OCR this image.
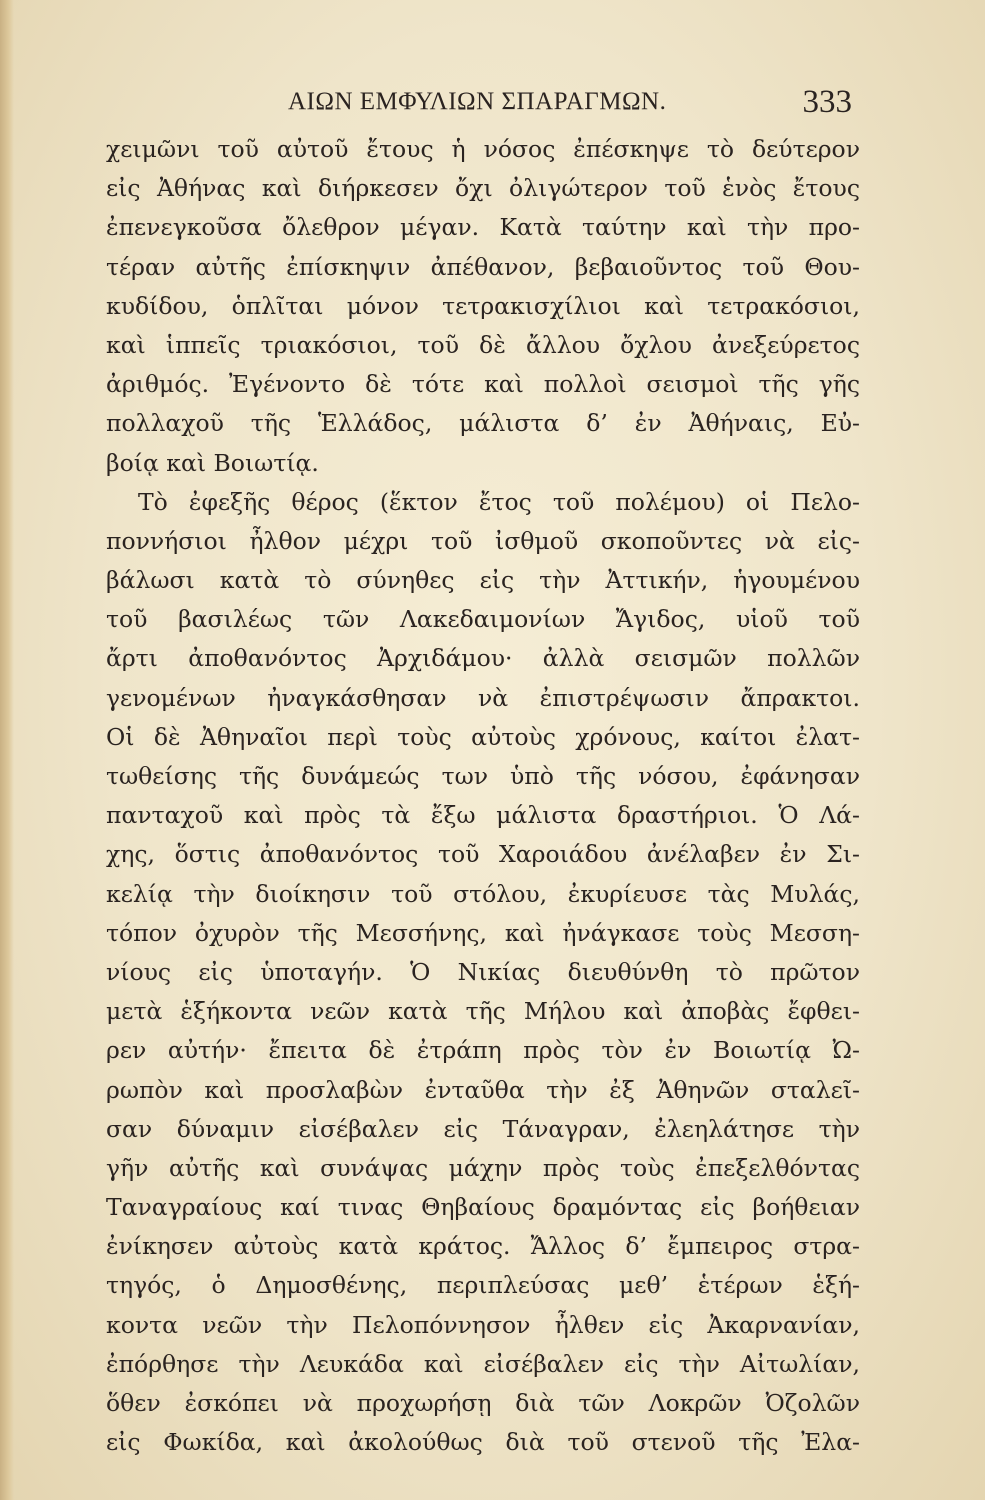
ΑΙΩΝ ΕΜΦΥΛΙΩΝ ΣΠΑΡΑΓΜΩΝ.	333
χειμῶνι τοῦ αὐτοῦ ἔτους ἡ νόσος ἐπέσκηψε τὸ δεύτερον
εἰς Ἀθήνας καὶ διήρκεσεν ὄχι ὀλιγώτερον τοῦ ἑνὸς ἔτους
ἐπενεγκοῦσα ὄλεθρον μέγαν. Κατὰ ταύτην καὶ τὴν προ-
τέραν αὐτῆς ἐπίσκηψιν ἀπέθανον, βεβαιοῦντος τοῦ Θου-
κυδίδου, ὁπλῖται μόνον τετρακισχίλιοι καὶ τετρακόσιοι,
καὶ ἱππεῖς τριακόσιοι, τοῦ δὲ ἄλλου ὄχλου ἀνεξεύρετος
ἀριθμός. Ἐγένοντο δὲ τότε καὶ πολλοὶ σεισμοὶ τῆς γῆς
πολλαχοῦ τῆς Ἑλλάδος, μάλιστα δ’ ἐν Ἀθήναις, Εὐ-
βοίᾳ καὶ Βοιωτίᾳ.
Τὸ ἐφεξῆς θέρος (ἕκτον ἔτος τοῦ πολέμου) οἱ Πελο-
ποννήσιοι ἦλθον μέχρι τοῦ ἰσθμοῦ σκοποῦντες νὰ εἰς-
βάλωσι κατὰ τὸ σύνηθες εἰς τὴν Ἀττικήν, ἡγουμένου
τοῦ βασιλέως τῶν Λακεδαιμονίων Ἄγιδος, υἱοῦ τοῦ
ἄρτι ἀποθανόντος Ἀρχιδάμου· ἀλλὰ σεισμῶν πολλῶν
γενομένων ἠναγκάσθησαν νὰ ἐπιστρέψωσιν ἄπρακτοι.
Οἱ δὲ Ἀθηναῖοι περὶ τοὺς αὐτοὺς χρόνους, καίτοι ἐλατ-
τωθείσης τῆς δυνάμεώς των ὑπὸ τῆς νόσου, ἐφάνησαν
πανταχοῦ καὶ πρὸς τὰ ἔξω μάλιστα δραστήριοι. Ὁ Λά-
χης, ὅστις ἀποθανόντος τοῦ Χαροιάδου ἀνέλαβεν ἐν Σι-
κελίᾳ τὴν διοίκησιν τοῦ στόλου, ἐκυρίευσε τὰς Μυλάς,
τόπον ὀχυρὸν τῆς Μεσσήνης, καὶ ἠνάγκασε τοὺς Μεσση-
νίους εἰς ὑποταγήν. Ὁ Νικίας διευθύνθη τὸ πρῶτον
μετὰ ἑξήκοντα νεῶν κατὰ τῆς Μήλου καὶ ἀποβὰς ἔφθει-
ρεν αὐτήν· ἔπειτα δὲ ἐτράπη πρὸς τὸν ἐν Βοιωτίᾳ Ὠ-
ρωπὸν καὶ προσλαβὼν ἐνταῦθα τὴν ἐξ Ἀθηνῶν σταλεῖ-
σαν δύναμιν εἰσέβαλεν εἰς Τάναγραν, ἐλεηλάτησε τὴν
γῆν αὐτῆς καὶ συνάψας μάχην πρὸς τοὺς ἐπεξελθόντας
Ταναγραίους καί τινας Θηβαίους δραμόντας εἰς βοήθειαν
ἐνίκησεν αὐτοὺς κατὰ κράτος. Ἄλλος δ’ ἔμπειρος στρα-
τηγός, ὁ Δημοσθένης, περιπλεύσας μεθ’ ἑτέρων ἑξή-
κοντα νεῶν τὴν Πελοπόννησον ἦλθεν εἰς Ἀκαρνανίαν,
ἐπόρθησε τὴν Λευκάδα καὶ εἰσέβαλεν εἰς τὴν Αἰτωλίαν,
ὅθεν ἐσκόπει νὰ προχωρήσῃ διὰ τῶν Λοκρῶν Ὀζολῶν
εἰς Φωκίδα, καὶ ἀκολούθως διὰ τοῦ στενοῦ τῆς Ἐλα-
